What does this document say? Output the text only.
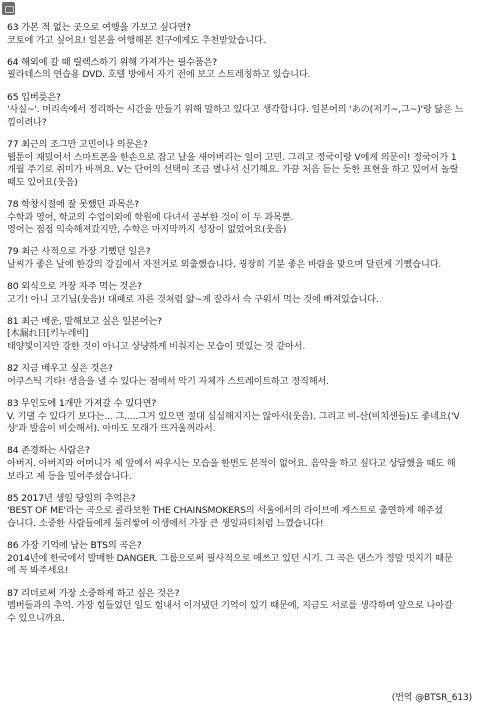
63 가본 적 없는 곳으로 여행을 가보고 싶다면?
코토에 가고 싶어요! 일본을 여행해본 친구에게도 추천받았습니다.
64 해외에 갈 때 릴렉스하기 위해 가져가는 필수품은?
필라테스의 연습용 DVD. 호텔 방에서 자기 전에 보고 스트레칭하고 있습니다.
65 입버릇은?
'사실~'. 머리속에서 정리하는 시간을 만들기 위해 말하고 있다고 생각합니다. 일본어의 'あの(저기~,그~)'랑 닮은 느
낌이려나?
77 최근의 조그만 고민이나 의문은?
웹툰이 재밌어서 스마트폰을 한손으로 잡고 날을 새어버리는 일이 고민. 그리고 정국이랑 V에게 의문이! 정국이가 1
개월 주기로 취미가 바껴요. V는 단어의 선택이 조금 별나서 신기해요. 가끔 처음 듣는 듯한 표현을 하고 있어서 놀랄
때도 있어요(웃음)
78 학창시절에 잘 못했던 과목은?
수학과 영어, 학교의 수업이외에 학원에 다녀서 공부한 것이 이 두 과목뿐.
영어는 점점 익숙해져갔지만, 수학은 마지막까지 성장이 없었어요(웃음)
79 최근 사적으로 가장 기뻤던 일은?
날씨가 좋은 날에 한강의 강길에서 자전거로 외출했습니다. 굉장히 기분 좋은 바람을 맞으며 달린게 기뻤습니다.
80 외식으로 가장 자주 먹는 것은?
고기! 아니 고기님(웃음)! 대패로 자른 것처럼 얇~게 잘라서 슥 구워서 먹는 것에 빠져있습니다.
81 최근 배운, 말해보고 싶은 일본어는?
[木漏れ日[키누레비]
태양빛이지만 강한 것이 아니고 상냥하게 비춰지는 모습이 멋있는 것 같아서.
82 지금 배우고 싶은 것은?
어쿠스틱 기타! 생음을 낼 수 있다는 점에서 악기 자체가 스트레이트하고 정직해서.
83 무인도에 1개만 가져갈 수 있다면?
V. 기댈 수 있다기 보다는... 그.....그거 있으면 절대 심심해지지는 않아서(웃음). 그리고 비-산(비치샌들)도 좋네요('V
샹'과 발음이 비슷해서). 아마도 모래가 뜨거울꺼라서.
84 존경하는 사람은?
아버지. 아버지와 어머니가 제 앞에서 싸우시는 모습을 한번도 본적이 없어요. 음악을 하고 싶다고 상담했을 때도 해
보라고 제 등을 밀어주셨습니다.
85 2017년 생일 당일의 추억은?
'BEST OF ME'라는 곡으로 콜라보한 THE CHAINSMOKERS의 서울에서의 라이브에 게스트로 출연하게 해주셨
습니다. 소중한 사람들에게 둘러쌓여 이생에서 가장 큰 생일파티처럼 느꼈습니다!
86 가장 기억에 남는 BTS의 곡은?
2014년에 한국에서 발매한 DANGER. 그룹으로써 필사적으로 애쓰고 있던 시기. 그 곡은 댄스가 정말 멋지기 때문
에 꼭 봐주세요!
87 리더로써 가장 소중하게 하고 싶은 것은?
멤버들과의 추억. 가장 힘들었던 일도 힘내서 이겨냈던 기억이 있기 때문에, 지금도 서로를 생각하며 앞으로 나아갈
수 있으니까요.
(번역 @BTSR_613)
